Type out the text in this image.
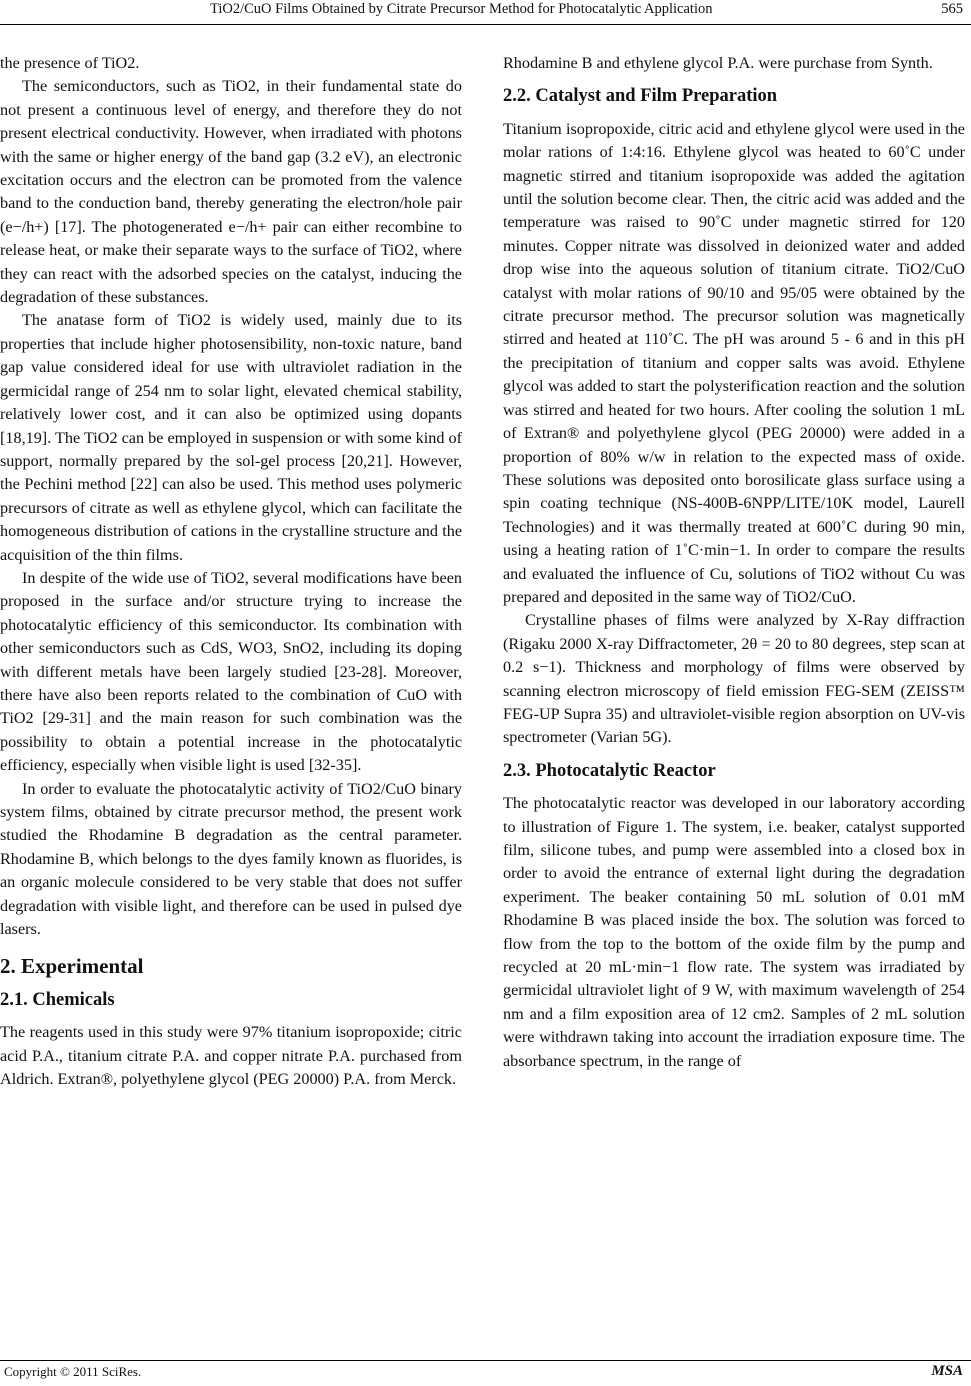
TiO2/CuO Films Obtained by Citrate Precursor Method for Photocatalytic Application	565

the presence of TiO2.

The semiconductors, such as TiO2, in their fundamental state do not present a continuous level of energy, and therefore they do not present electrical conductivity. However, when irradiated with photons with the same or higher energy of the band gap (3.2 eV), an electronic excitation occurs and the electron can be promoted from the valence band to the conduction band, thereby generating the electron/hole pair (e−/h+) [17]. The photogenerated e−/h+ pair can either recombine to release heat, or make their separate ways to the surface of TiO2, where they can react with the adsorbed species on the catalyst, inducing the degradation of these substances.

The anatase form of TiO2 is widely used, mainly due to its properties that include higher photosensibility, non-toxic nature, band gap value considered ideal for use with ultraviolet radiation in the germicidal range of 254 nm to solar light, elevated chemical stability, relatively lower cost, and it can also be optimized using dopants [18,19]. The TiO2 can be employed in suspension or with some kind of support, normally prepared by the sol-gel process [20,21]. However, the Pechini method [22] can also be used. This method uses polymeric precursors of citrate as well as ethylene glycol, which can facilitate the homogeneous distribution of cations in the crystalline structure and the acquisition of the thin films.

In despite of the wide use of TiO2, several modifications have been proposed in the surface and/or structure trying to increase the photocatalytic efficiency of this semiconductor. Its combination with other semiconductors such as CdS, WO3, SnO2, including its doping with different metals have been largely studied [23-28]. Moreover, there have also been reports related to the combination of CuO with TiO2 [29-31] and the main reason for such combination was the possibility to obtain a potential increase in the photocatalytic efficiency, especially when visible light is used [32-35].

In order to evaluate the photocatalytic activity of TiO2/CuO binary system films, obtained by citrate precursor method, the present work studied the Rhodamine B degradation as the central parameter. Rhodamine B, which belongs to the dyes family known as fluorides, is an organic molecule considered to be very stable that does not suffer degradation with visible light, and therefore can be used in pulsed dye lasers.

2. Experimental
2.1. Chemicals

The reagents used in this study were 97% titanium isopropoxide; citric acid P.A., titanium citrate P.A. and copper nitrate P.A. purchased from Aldrich. Extran®, polyethylene glycol (PEG 20000) P.A. from Merck.

Rhodamine B and ethylene glycol P.A. were purchase from Synth.

2.2. Catalyst and Film Preparation

Titanium isopropoxide, citric acid and ethylene glycol were used in the molar rations of 1:4:16. Ethylene glycol was heated to 60˚C under magnetic stirred and titanium isopropoxide was added the agitation until the solution become clear. Then, the citric acid was added and the temperature was raised to 90˚C under magnetic stirred for 120 minutes. Copper nitrate was dissolved in deionized water and added drop wise into the aqueous solution of titanium citrate. TiO2/CuO catalyst with molar rations of 90/10 and 95/05 were obtained by the citrate precursor method. The precursor solution was magnetically stirred and heated at 110˚C. The pH was around 5 - 6 and in this pH the precipitation of titanium and copper salts was avoid. Ethylene glycol was added to start the polysterification reaction and the solution was stirred and heated for two hours. After cooling the solution 1 mL of Extran® and polyethylene glycol (PEG 20000) were added in a proportion of 80% w/w in relation to the expected mass of oxide. These solutions was deposited onto borosilicate glass surface using a spin coating technique (NS-400B-6NPP/LITE/10K model, Laurell Technologies) and it was thermally treated at 600˚C during 90 min, using a heating ration of 1˚C·min−1. In order to compare the results and evaluated the influence of Cu, solutions of TiO2 without Cu was prepared and deposited in the same way of TiO2/CuO.

Crystalline phases of films were analyzed by X-Ray diffraction (Rigaku 2000 X-ray Diffractometer, 2θ = 20 to 80 degrees, step scan at 0.2 s−1). Thickness and morphology of films were observed by scanning electron microscopy of field emission FEG-SEM (ZEISS™ FEG-UP Supra 35) and ultraviolet-visible region absorption on UV-vis spectrometer (Varian 5G).

2.3. Photocatalytic Reactor

The photocatalytic reactor was developed in our laboratory according to illustration of Figure 1. The system, i.e. beaker, catalyst supported film, silicone tubes, and pump were assembled into a closed box in order to avoid the entrance of external light during the degradation experiment. The beaker containing 50 mL solution of 0.01 mM Rhodamine B was placed inside the box. The solution was forced to flow from the top to the bottom of the oxide film by the pump and recycled at 20 mL·min−1 flow rate. The system was irradiated by germicidal ultraviolet light of 9 W, with maximum wavelength of 254 nm and a film exposition area of 12 cm2. Samples of 2 mL solution were withdrawn taking into account the irradiation exposure time. The absorbance spectrum, in the range of

Copyright © 2011 SciRes.	MSA
